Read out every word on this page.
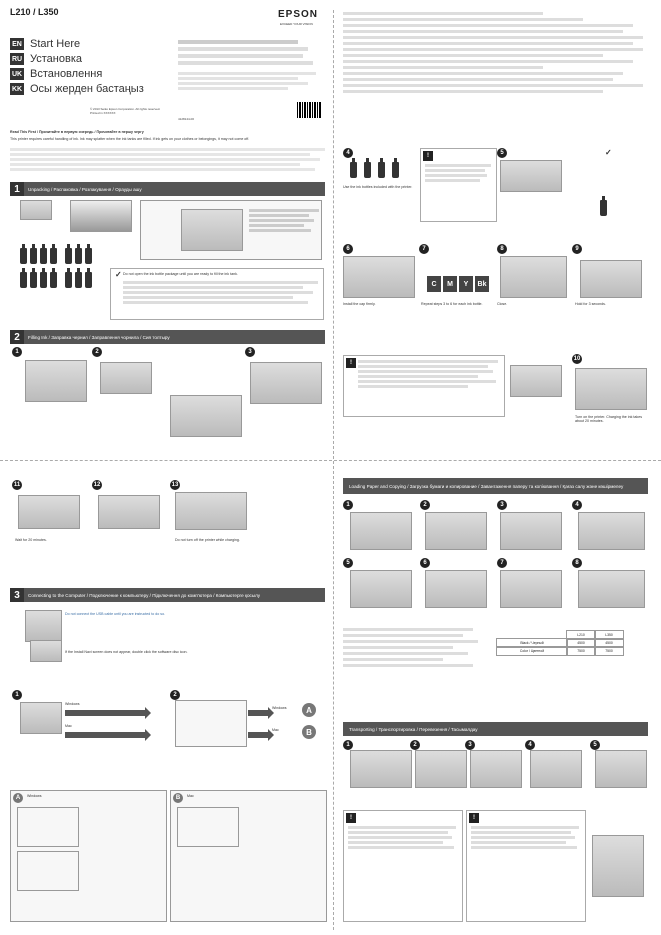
L210 / L350	EPSON
EXCEED YOUR VISION
EN Start Here
RU Установка
UK Встановлення
KK Осы жерден бастаңыз
4128144-00
© 2013 Seiko Epson Corporation. All rights reserved. Printed in XXXXXX
Read This First / Прочитайте в первую очередь / Прочитайте в першу чергу
This printer requires careful handling of ink. Ink may splatter when the ink tanks are filled. If ink gets on your clothes or belongings, it may not come off.
1	Unpacking / Распаковка / Розпакування / Орауды ашу
✓ Do not open the ink bottle package until you are ready to fill the ink tank.
2	Filling Ink / Заправка чернил / Заправлення чорнила / Сия толтыру
1	2	3
4
Use the ink bottles included with the printer.
!	5	✓
6
Install the cap firmly.
7
C	M	Y	Bk
Repeat steps 3 to 6 for each ink bottle.
8
Close.
9
Hold for 3 seconds.
!
10
Turn on the printer. Charging the ink takes about 20 minutes.
11
Wait for 20 minutes.
12	13
Do not turn off the printer while charging.
3	Connecting to the Computer / Подключение к компьютеру / Підключення до комп’ютера / Компьютерге қосылу
Do not connect the USB cable until you are instructed to do so.
If the Install Navi screen does not appear, double click the software disc icon.
1
Windows
Mac
2
Windows	A
Mac	B
A	Windows	B	Mac
Loading Paper and Copying / Загрузка бумаги и копирование / Завантаження паперу та копіювання / Қағаз салу және көшірмелеу
1	2	3	4
5	6	7	8
L210	L350
Black / Черный	4500	4500
Color / Цветной	7500	7500
Transporting / Транспортировка / Перевезення / Тасымалдау
1	2	3	4	5
!	!
